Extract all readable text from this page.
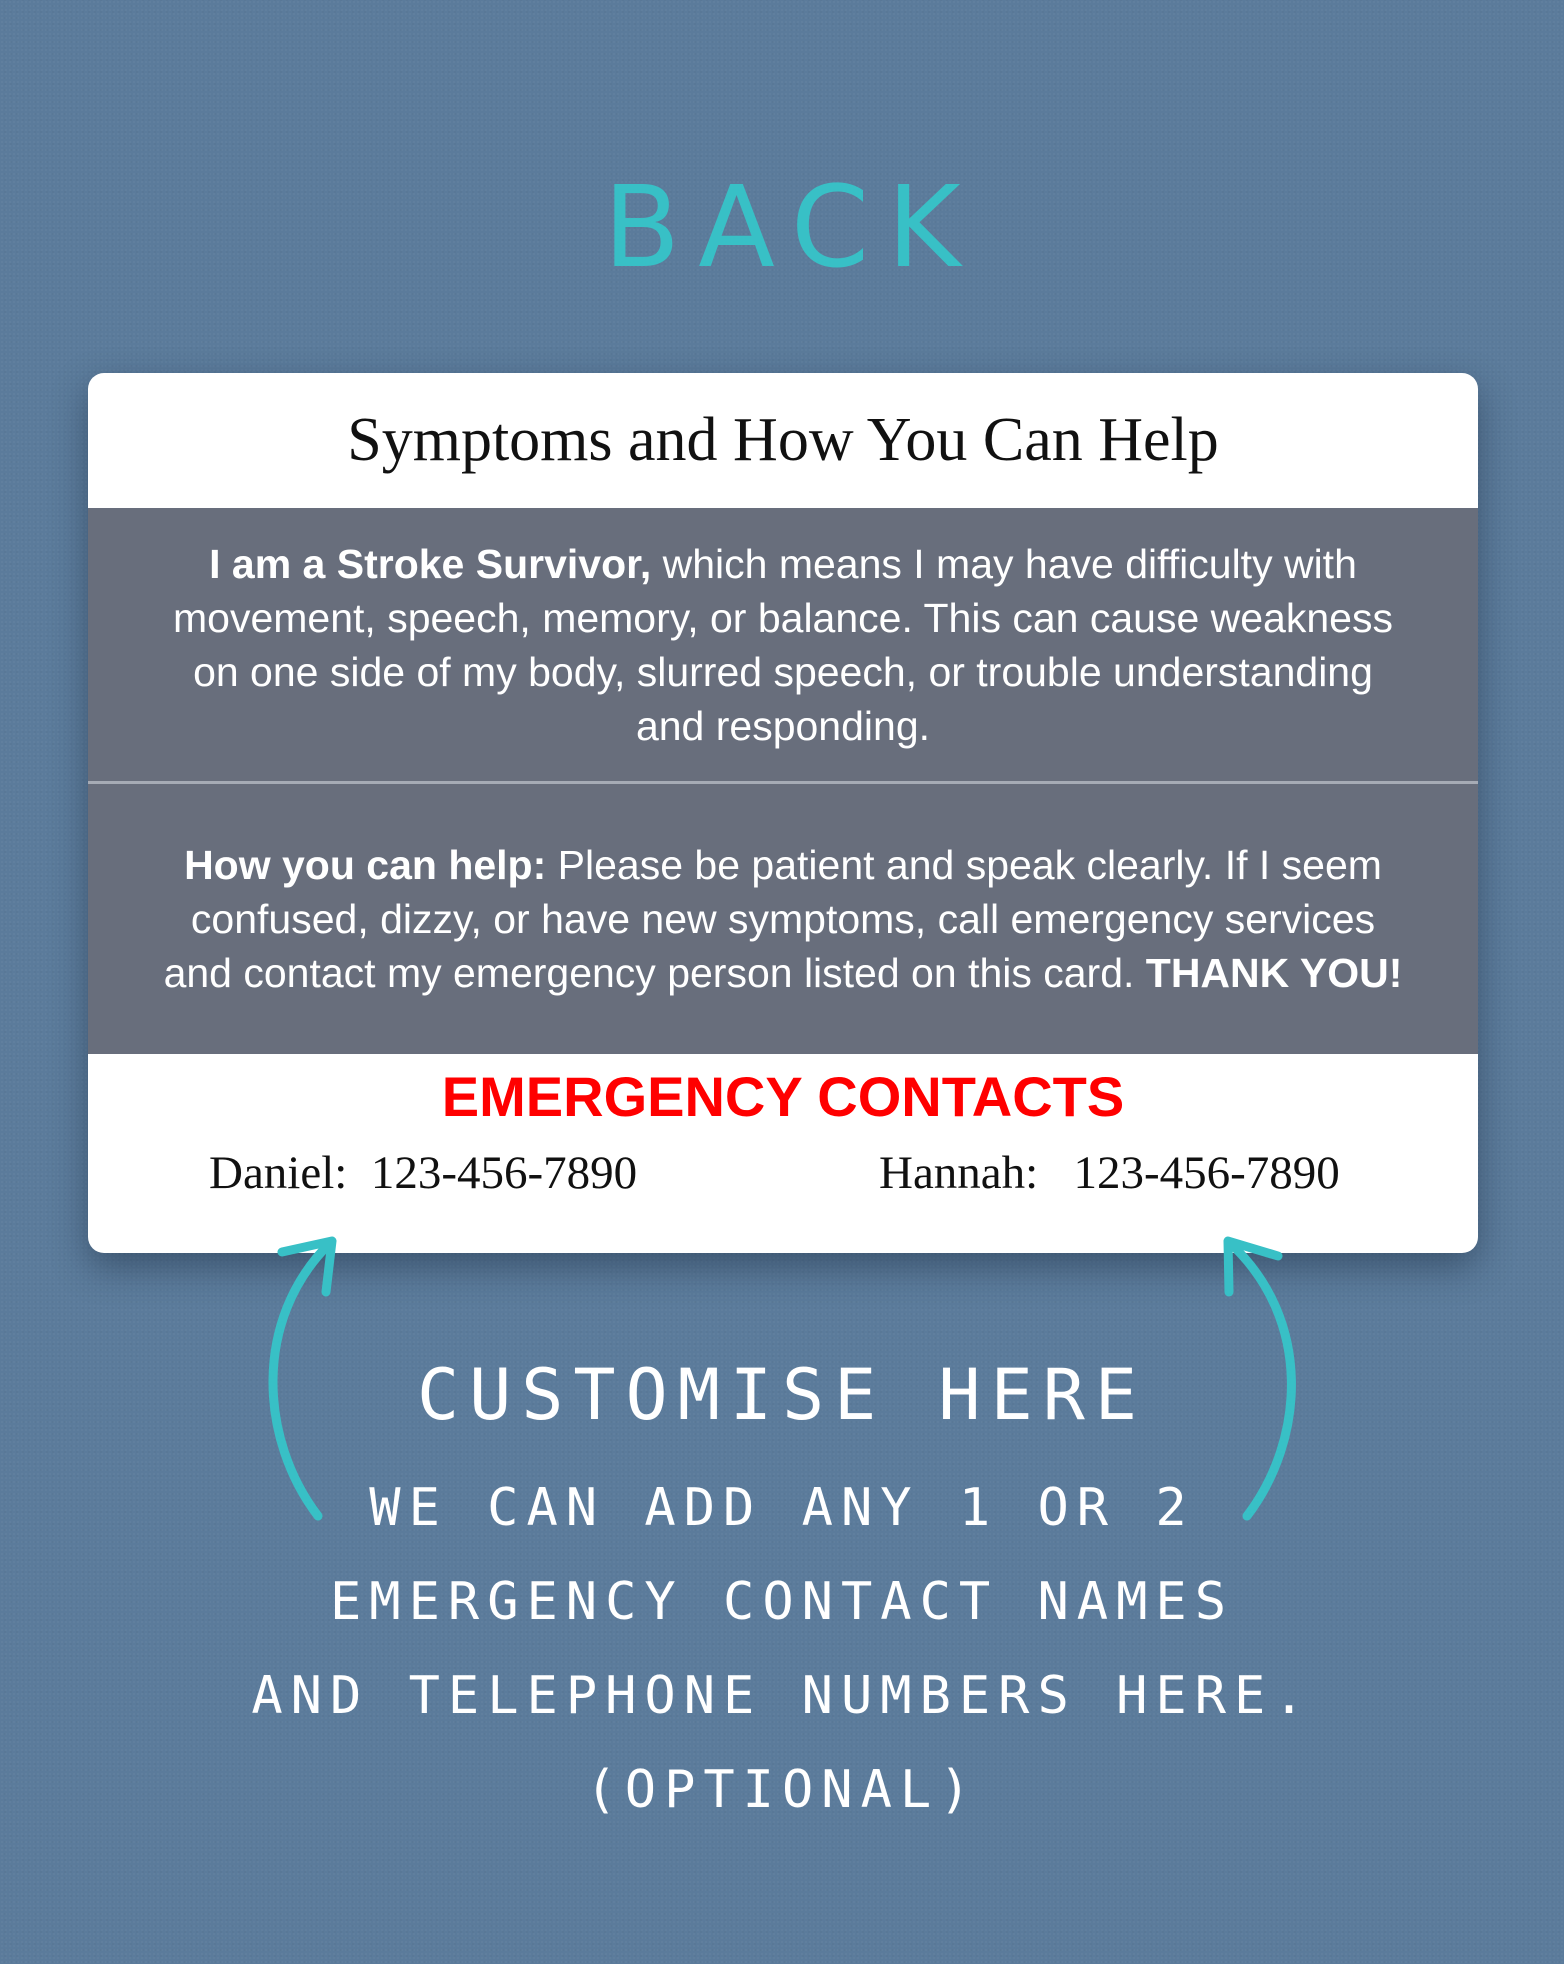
BACK
Symptoms and How You Can Help

I am a Stroke Survivor, which means I may have difficulty with movement, speech, memory, or balance. This can cause weakness on one side of my body, slurred speech, or trouble understanding and responding.

How you can help: Please be patient and speak clearly. If I seem confused, dizzy, or have new symptoms, call emergency services and contact my emergency person listed on this card. THANK YOU!

EMERGENCY CONTACTS
Daniel: 123-456-7890	Hannah: 123-456-7890
CUSTOMISE HERE
WE CAN ADD ANY 1 OR 2
EMERGENCY CONTACT NAMES
AND TELEPHONE NUMBERS HERE.
(OPTIONAL)
